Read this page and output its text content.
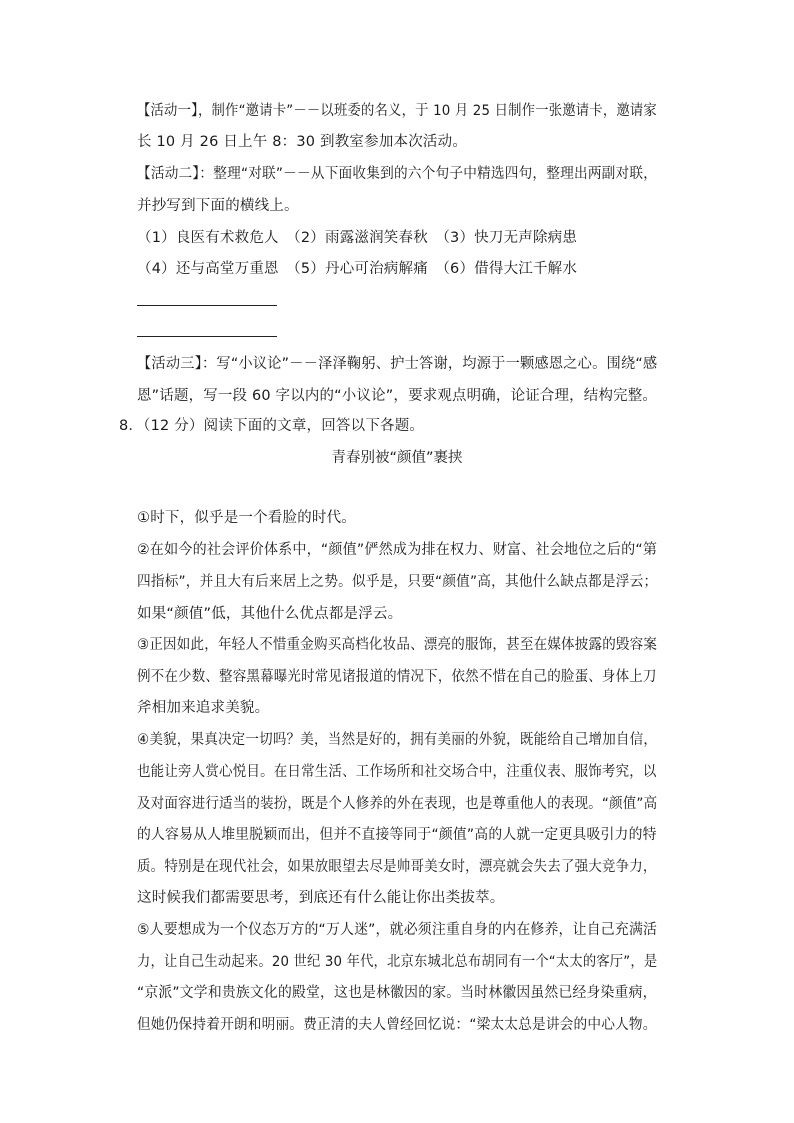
【活动一】，制作“邀请卡”－－以班委的名义，于 10 月 25 日制作一张邀请卡，邀请家
长 10 月 26 日上午 8：30 到教室参加本次活动。
【活动二】：整理“对联”－－从下面收集到的六个句子中精选四句，整理出两副对联，
并抄写到下面的横线上。
（1）良医有术救危人　（2）雨露滋润笑春秋　（3）快刀无声除病患
（4）还与高堂万重恩　（5）丹心可治病解痛　（6）借得大江千解水
【活动三】：写“小议论”－－泽泽鞠躬、护士答谢，均源于一颗感恩之心。围绕“感
恩”话题，写一段 60 字以内的“小议论”，要求观点明确，论证合理，结构完整。
8．（12 分）阅读下面的文章，回答以下各题。
青春别被“颜值”裹挟
①时下，似乎是一个看脸的时代。
②在如今的社会评价体系中，“颜值”俨然成为排在权力、财富、社会地位之后的“第
四指标”，并且大有后来居上之势。似乎是，只要“颜值”高，其他什么缺点都是浮云；
如果“颜值”低，其他什么优点都是浮云。
③正因如此，年轻人不惜重金购买高档化妆品、漂亮的服饰，甚至在媒体披露的毁容案
例不在少数、整容黑幕曝光时常见诸报道的情况下，依然不惜在自己的脸蛋、身体上刀
斧相加来追求美貌。
④美貌，果真决定一切吗？美，当然是好的，拥有美丽的外貌，既能给自己增加自信，
也能让旁人赏心悦目。在日常生活、工作场所和社交场合中，注重仪表、服饰考究，以
及对面容进行适当的装扮，既是个人修养的外在表现，也是尊重他人的表现。“颜值”高
的人容易从人堆里脱颖而出，但并不直接等同于“颜值”高的人就一定更具吸引力的特
质。特别是在现代社会，如果放眼望去尽是帅哥美女时，漂亮就会失去了强大竞争力，
这时候我们都需要思考，到底还有什么能让你出类拔萃。
⑤人要想成为一个仪态万方的“万人迷”，就必须注重自身的内在修养，让自己充满活
力，让自己生动起来。20 世纪 30 年代，北京东城北总布胡同有一个“太太的客厅”，是
“京派”文学和贵族文化的殿堂，这也是林徽因的家。当时林徽因虽然已经身染重病，
但她仍保持着开朗和明丽。费正清的夫人曾经回忆说：“梁太太总是讲会的中心人物。
